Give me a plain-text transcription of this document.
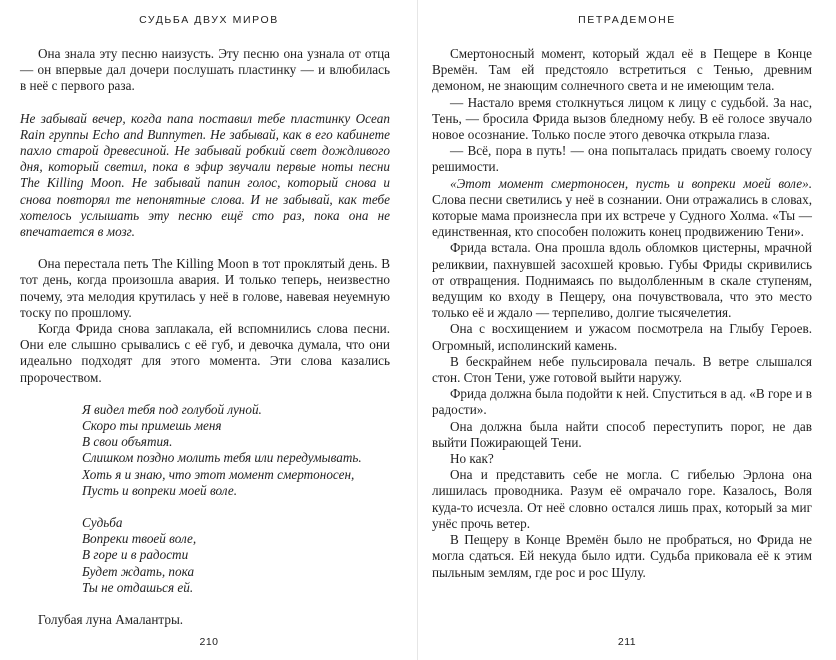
СУДЬБА ДВУХ МИРОВ

Она знала эту песню наизусть. Эту песню она узнала от отца — он впервые дал дочери послушать пластинку — и влюбилась в неё с первого раза.

Не забывай вечер, когда папа поставил тебе пластинку Ocean Rain группы Echo and Bunnymen. Не забывай, как в его кабинете пахло старой древесиной. Не забывай робкий свет дождливого дня, который светил, пока в эфир звучали первые ноты песни The Killing Moon. Не забывай папин голос, который снова и снова повторял те непонятные слова. И не забывай, как тебе хотелось услышать эту песню ещё сто раз, пока она не впечатается в мозг.

Она перестала петь The Killing Moon в тот проклятый день. В тот день, когда произошла авария. И только теперь, неизвестно почему, эта мелодия крутилась у неё в голове, навевая неуемную тоску по прошлому.

Когда Фрида снова заплакала, ей вспомнились слова песни. Они еле слышно срывались с её губ, и девочка думала, что они идеально подходят для этого момента. Эти слова казались пророчеством.

Я видел тебя под голубой луной.
Скоро ты примешь меня
В свои объятия.
Слишком поздно молить тебя или передумывать.
Хоть я и знаю, что этот момент смертоносен,
Пусть и вопреки моей воле.
Судьба
Вопреки твоей воле,
В горе и в радости
Будет ждать, пока
Ты не отдашься ей.

Голубая луна Амалантры.

210
ПЕТРАДЕМОНЕ

Смертоносный момент, который ждал её в Пещере в Конце Времён. Там ей предстояло встретиться с Тенью, древним демоном, не знающим солнечного света и не имеющим тела.

— Настало время столкнуться лицом к лицу с судьбой. За нас, Тень, — бросила Фрида вызов бледному небу. В её голосе звучало новое осознание. Только после этого девочка открыла глаза.

— Всё, пора в путь! — она попыталась придать своему голосу решимости.

«Этот момент смертоносен, пусть и вопреки моей воле». Слова песни светились у неё в сознании. Они отражались в словах, которые мама произнесла при их встрече у Судного Холма. «Ты — единственная, кто способен положить конец продвижению Тени».

Фрида встала. Она прошла вдоль обломков цистерны, мрачной реликвии, пахнувшей засохшей кровью. Губы Фриды скривились от отвращения. Поднимаясь по выдолбленным в скале ступеням, ведущим ко входу в Пещеру, она почувствовала, что это место только её и ждало — терпеливо, долгие тысячелетия.

Она с восхищением и ужасом посмотрела на Глыбу Героев. Огромный, исполинский камень.

В бескрайнем небе пульсировала печаль. В ветре слышался стон. Стон Тени, уже готовой выйти наружу.

Фрида должна была подойти к ней. Спуститься в ад. «В горе и в радости».

Она должна была найти способ переступить порог, не дав выйти Пожирающей Тени.

Но как?

Она и представить себе не могла. С гибелью Эрлона она лишилась проводника. Разум её омрачало горе. Казалось, Воля куда-то исчезла. От неё словно остался лишь прах, который за миг унёс прочь ветер.

В Пещеру в Конце Времён было не пробраться, но Фрида не могла сдаться. Ей некуда было идти. Судьба приковала её к этим пыльным землям, где рос и рос Шулу.

211
